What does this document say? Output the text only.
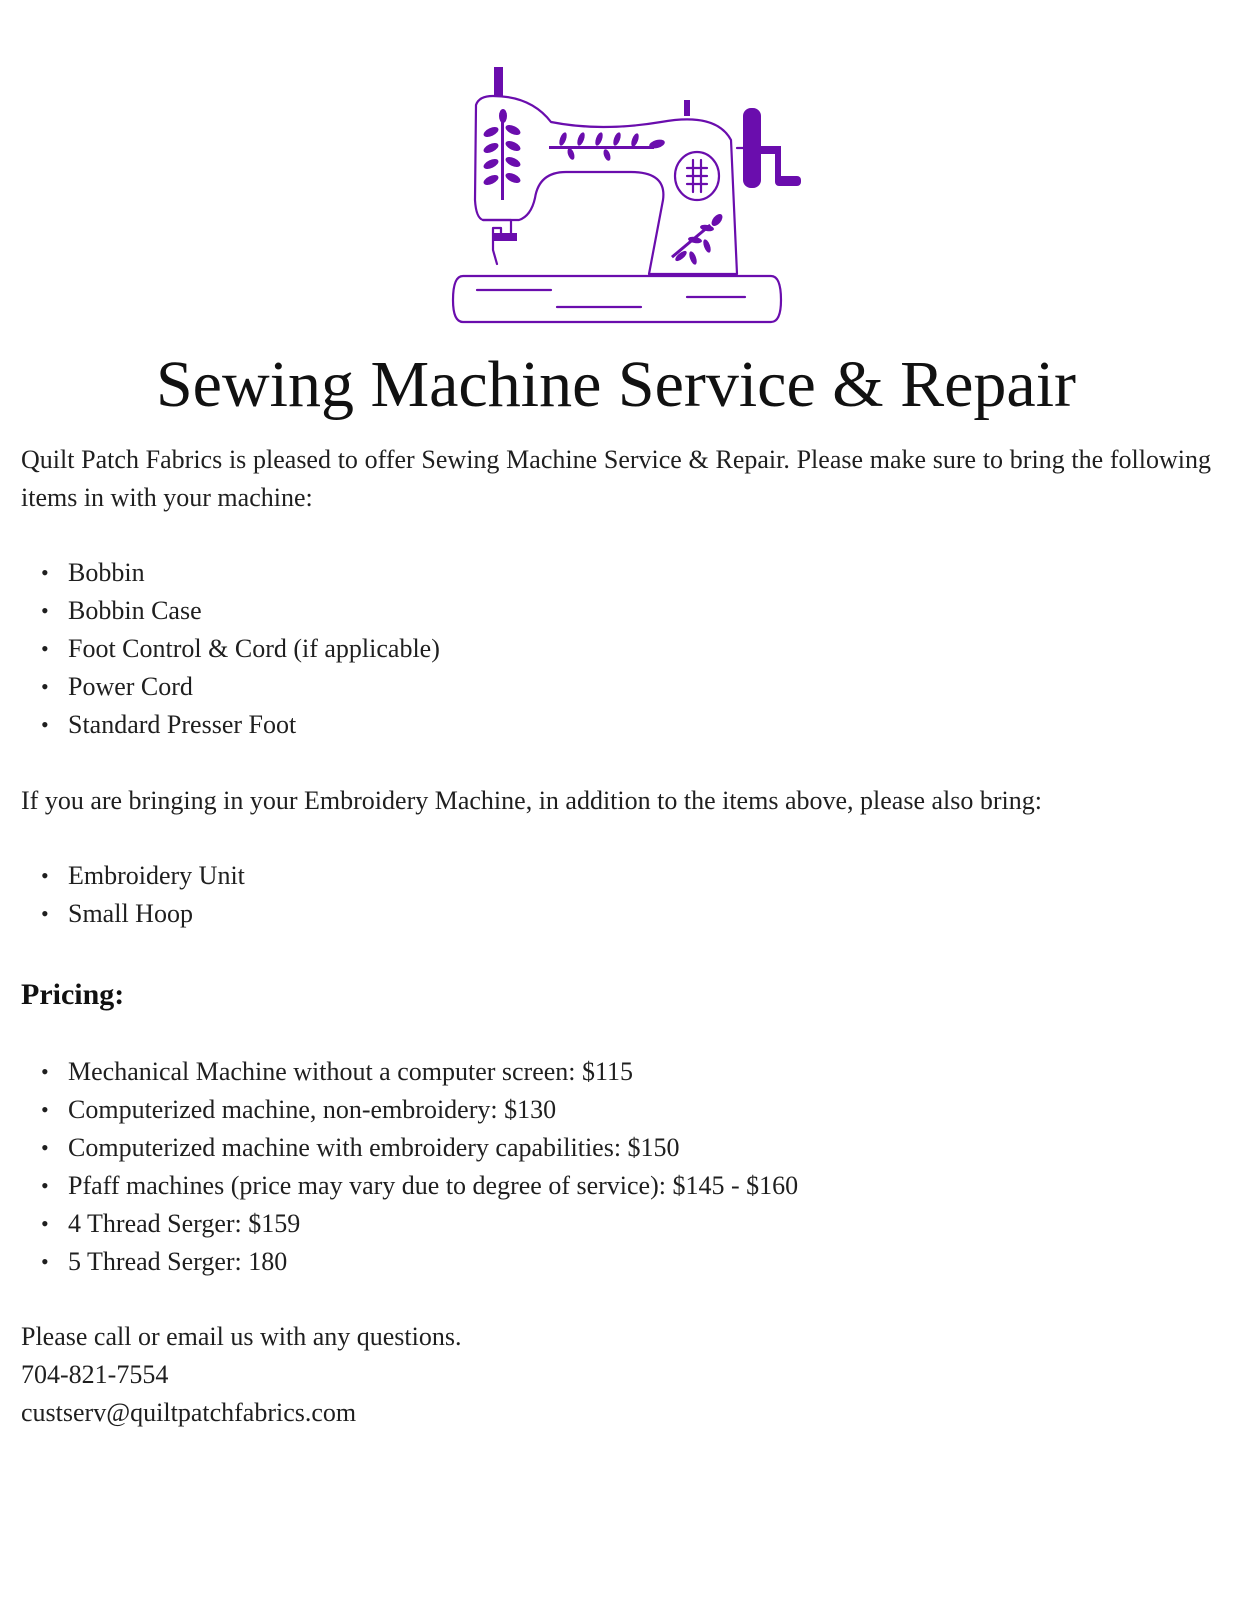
Sewing Machine Service & Repair

Quilt Patch Fabrics is pleased to offer Sewing Machine Service & Repair. Please make sure to bring the following items in with your machine:

• Bobbin
• Bobbin Case
• Foot Control & Cord (if applicable)
• Power Cord
• Standard Presser Foot

If you are bringing in your Embroidery Machine, in addition to the items above, please also bring:

• Embroidery Unit
• Small Hoop
Pricing:
• Mechanical Machine without a computer screen: $115
• Computerized machine, non-embroidery: $130
• Computerized machine with embroidery capabilities: $150
• Pfaff machines (price may vary due to degree of service): $145 - $160
• 4 Thread Serger: $159
• 5 Thread Serger: 180
Please call or email us with any questions.
704-821-7554
custserv@quiltpatchfabrics.com
